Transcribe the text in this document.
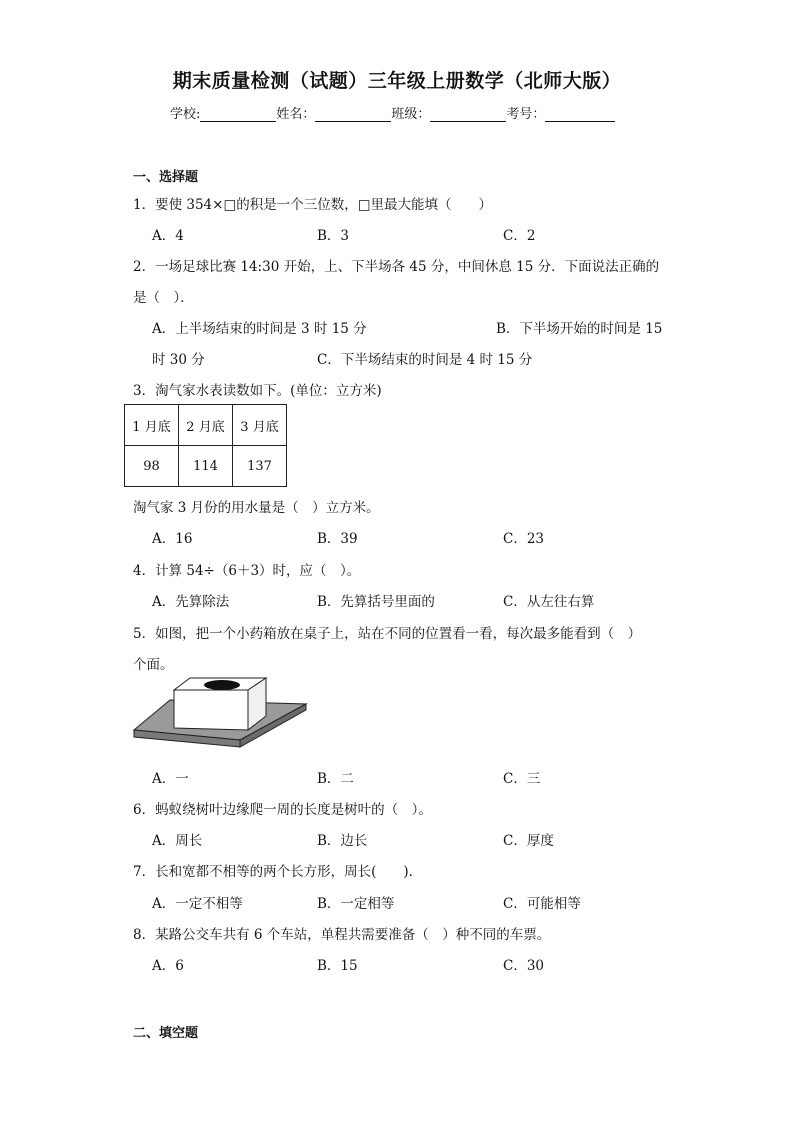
期末质量检测（试题）三年级上册数学（北师大版）
学校:	姓名：	班级：	考号：
一、选择题
1．要使 354×□的积是一个三位数，□里最大能填（　　）
A．4	B．3	C．2
2．一场足球比赛 14:30 开始，上、下半场各 45 分，中间休息 15 分．下面说法正确的
是（　）．
A．上半场结束的时间是 3 时 15 分	B．下半场开始的时间是 15
时 30 分	C．下半场结束的时间是 4 时 15 分
3．淘气家水表读数如下。(单位：立方米)
1 月底	2 月底	3 月底
98	114	137
淘气家 3 月份的用水量是（　）立方米。
A．16	B．39	C．23
4．计算 54÷（6＋3）时，应（　）。
A．先算除法	B．先算括号里面的	C．从左往右算
5．如图，把一个小药箱放在桌子上，站在不同的位置看一看，每次最多能看到（　）
个面。
A．一	B．二	C．三
6．蚂蚁绕树叶边缘爬一周的长度是树叶的（　）。
A．周长	B．边长	C．厚度
7．长和宽都不相等的两个长方形，周长(　　)．
A．一定不相等	B．一定相等	C．可能相等
8．某路公交车共有 6 个车站，单程共需要准备（　）种不同的车票。
A．6	B．15	C．30
二、填空题
